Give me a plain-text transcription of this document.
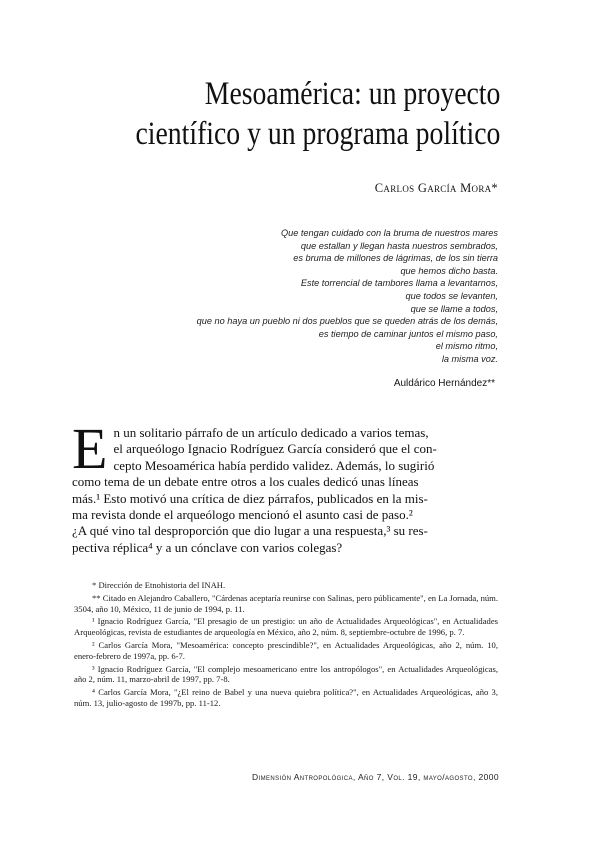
Mesoamérica: un proyecto
científico y un programa político
Carlos García Mora*
Que tengan cuidado con la bruma de nuestros mares
que estallan y llegan hasta nuestros sembrados,
es bruma de millones de lágrimas, de los sin tierra
que hemos dicho basta.
Este torrencial de tambores llama a levantarnos,
que todos se levanten,
que se llame a todos,
que no haya un pueblo ni dos pueblos que se queden atrás de los demás,
es tiempo de caminar juntos el mismo paso,
el mismo ritmo,
la misma voz.
Auldárico Hernández**
E n un solitario párrafo de un artículo dedicado a varios temas,
el arqueólogo Ignacio Rodríguez García consideró que el con-
cepto Mesoamérica había perdido validez. Además, lo sugirió
como tema de un debate entre otros a los cuales dedicó unas líneas
más.¹ Esto motivó una crítica de diez párrafos, publicados en la mis-
ma revista donde el arqueólogo mencionó el asunto casi de paso.²
¿A qué vino tal desproporción que dio lugar a una respuesta,³ su res-
pectiva réplica⁴ y a un cónclave con varios colegas?

* Dirección de Etnohistoria del INAH.

** Citado en Alejandro Caballero, "Cárdenas aceptaría reunirse con Salinas, pero públicamente", en La Jornada, núm. 3504, año 10, México, 11 de junio de 1994, p. 11.

¹ Ignacio Rodríguez García, "El presagio de un prestigio: un año de Actualidades Arqueológicas", en Actualidades Arqueológicas, revista de estudiantes de arqueología en México, año 2, núm. 8, septiembre-octubre de 1996, p. 7.

² Carlos García Mora, "Mesoamérica: concepto prescindible?", en Actualidades Arqueológicas, año 2, núm. 10, enero-febrero de 1997a, pp. 6-7.

³ Ignacio Rodríguez García, "El complejo mesoamericano entre los antropólogos", en Actualidades Arqueológicas, año 2, núm. 11, marzo-abril de 1997, pp. 7-8.

⁴ Carlos García Mora, "¿El reino de Babel y una nueva quiebra política?", en Actualidades Arqueológicas, año 3, núm. 13, julio-agosto de 1997b, pp. 11-12.

Dimensión Antropológica, Año 7, Vol. 19, mayo/agosto, 2000
